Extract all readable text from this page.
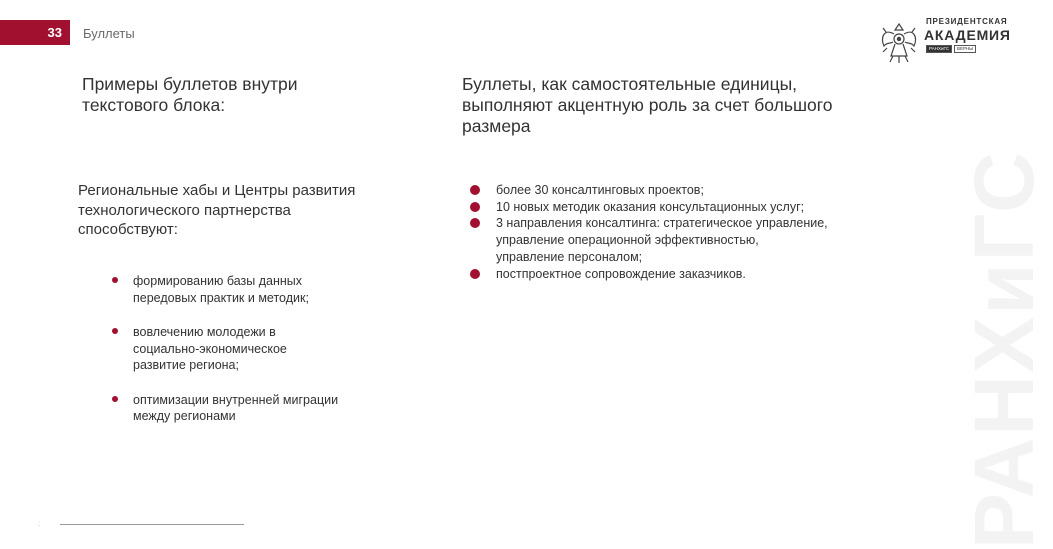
33 Буллеты
РАНХиГС
ПРЕЗИДЕНТСКАЯ
АКАДЕМИЯ
РАНХиГС	ВЕРНЫ
Примеры буллетов внутри текстового блока:
Буллеты, как самостоятельные единицы, выполняют акцентную роль за счет большого размера
Региональные хабы и Центры развития технологического партнерства способствуют:
формированию базы данных передовых практик и методик;
вовлечению молодежи в социально-экономическое развитие региона;
оптимизации внутренней миграции между регионами
более 30 консалтинговых проектов;
10 новых методик оказания консультационных услуг;
3 направления консалтинга: стратегическое управление, управление операционной эффективностью, управление персоналом;
постпроектное сопровождение заказчиков.
:
